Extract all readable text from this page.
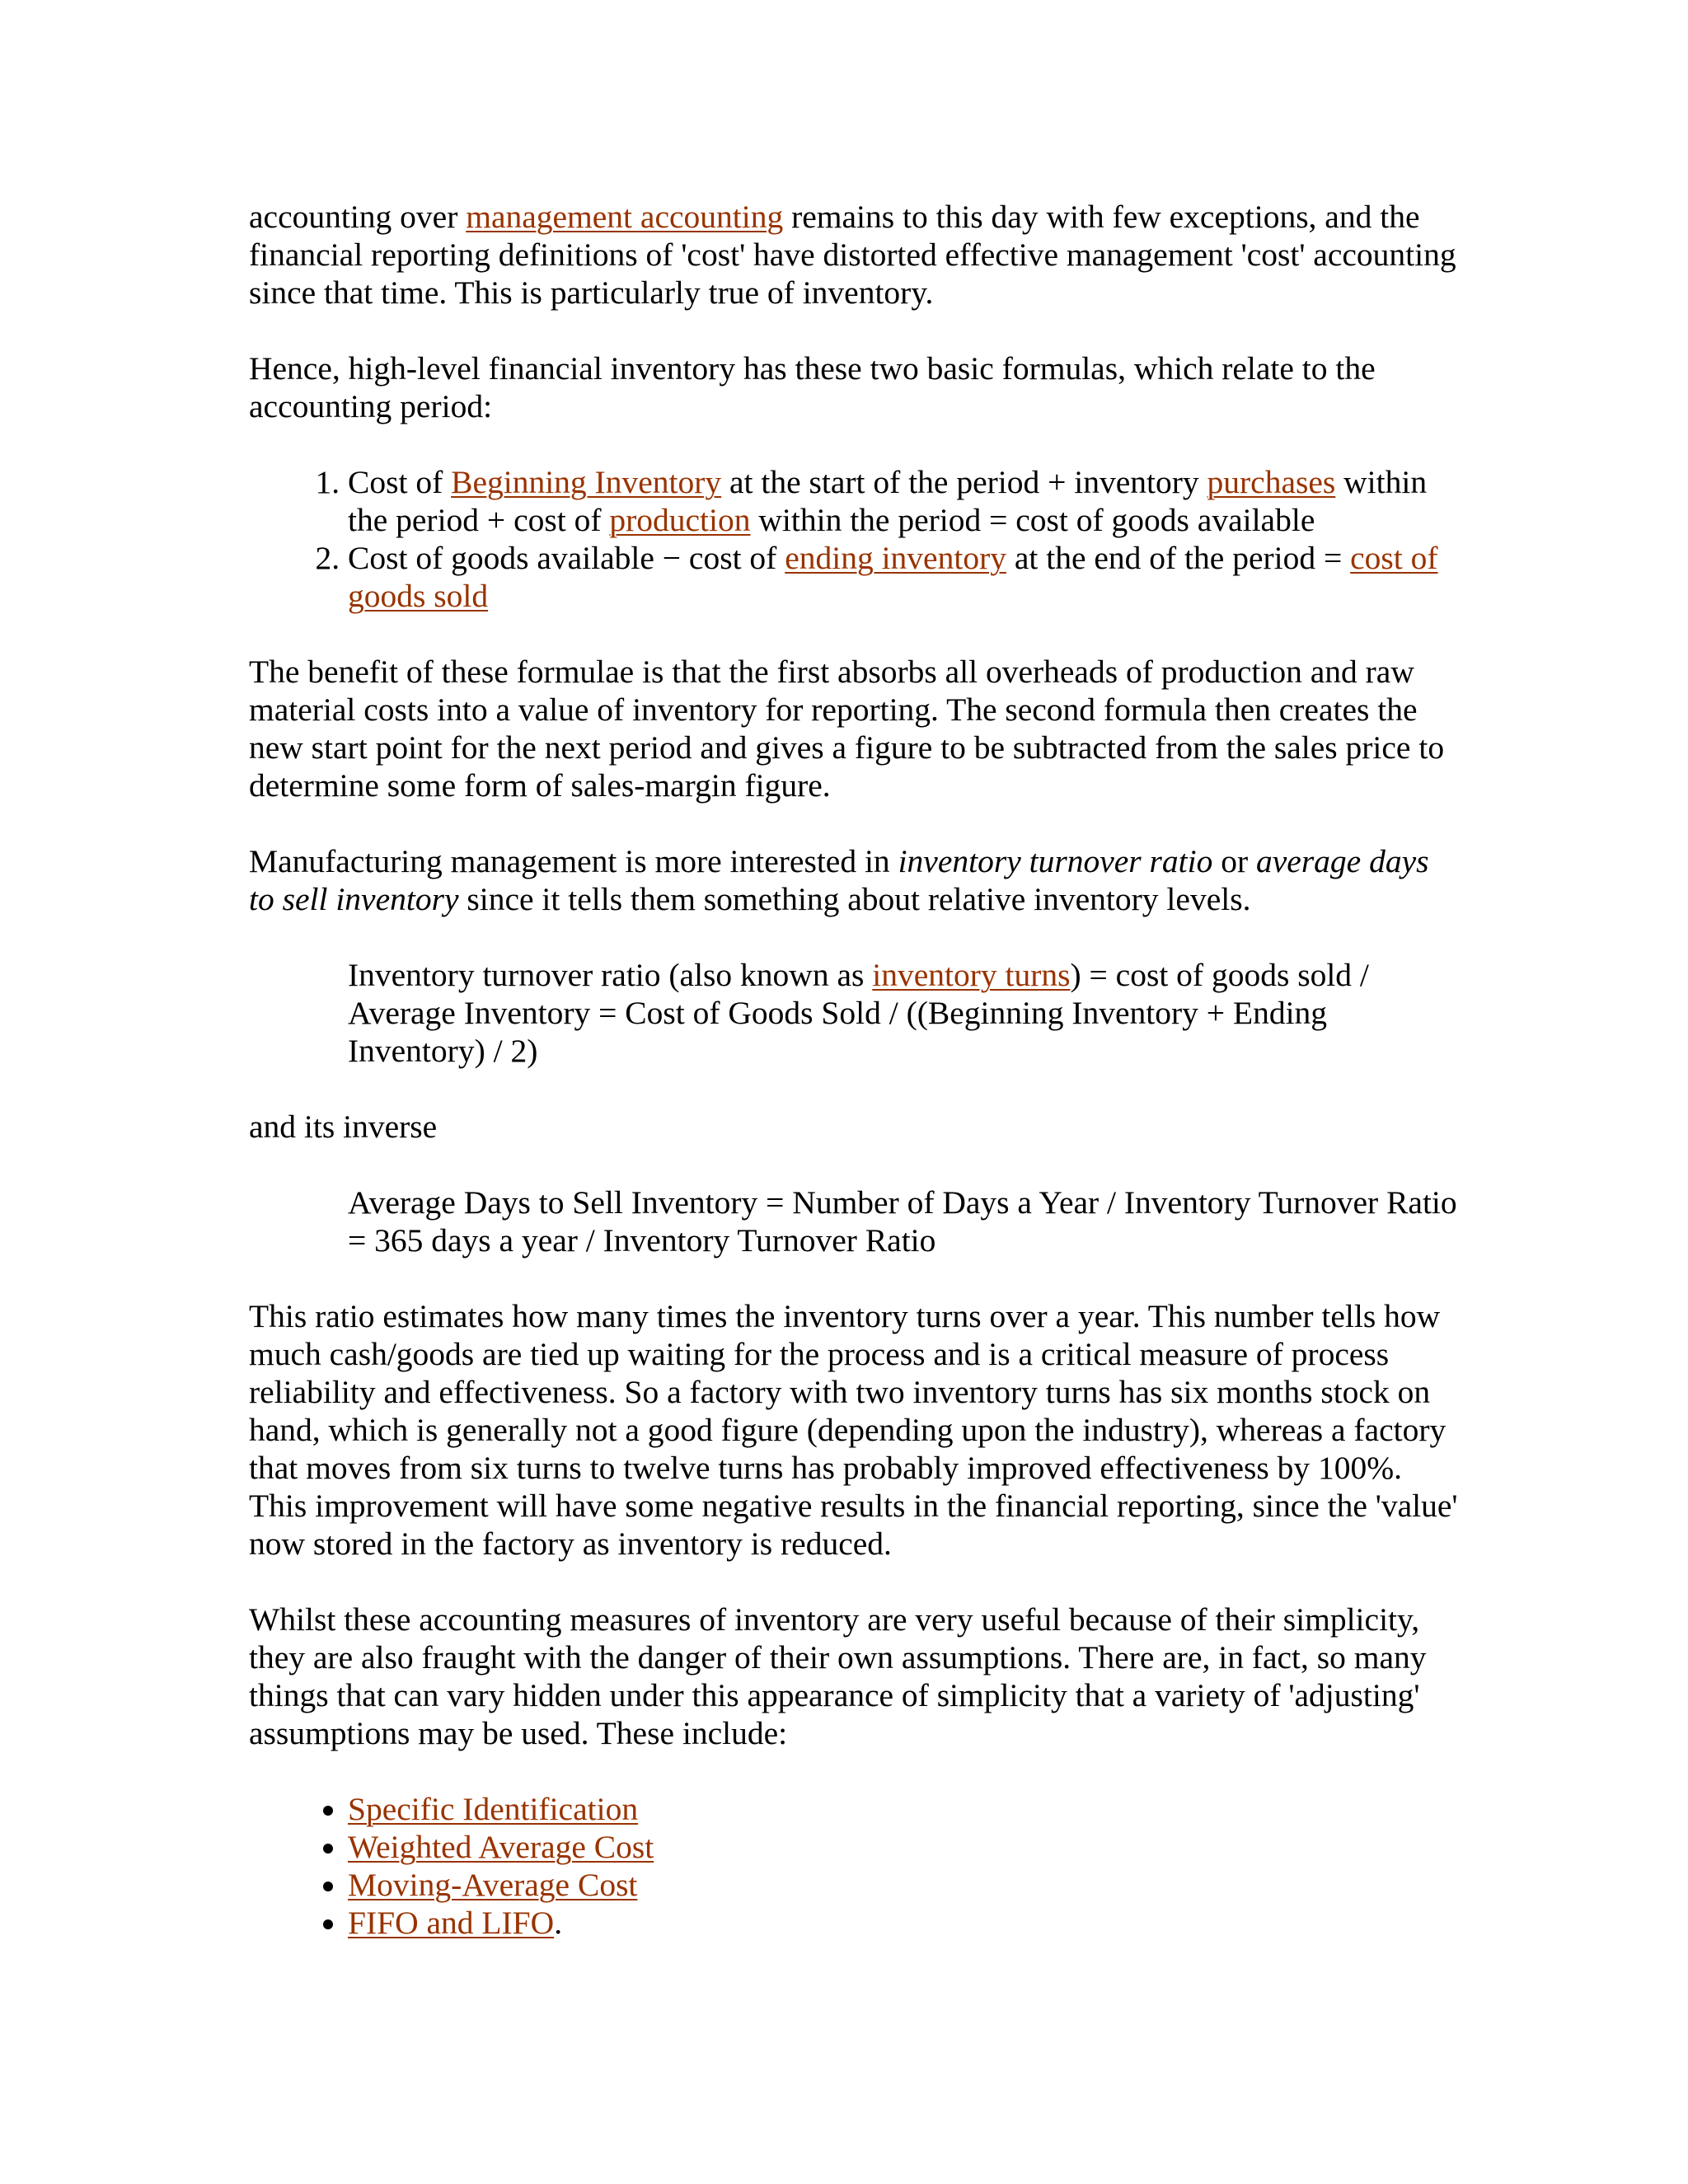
accounting over management accounting remains to this day with few exceptions, and the financial reporting definitions of 'cost' have distorted effective management 'cost' accounting since that time. This is particularly true of inventory.

Hence, high-level financial inventory has these two basic formulas, which relate to the accounting period:

1. Cost of Beginning Inventory at the start of the period + inventory purchases within the period + cost of production within the period = cost of goods available
2. Cost of goods available − cost of ending inventory at the end of the period = cost of goods sold

The benefit of these formulae is that the first absorbs all overheads of production and raw material costs into a value of inventory for reporting. The second formula then creates the new start point for the next period and gives a figure to be subtracted from the sales price to determine some form of sales-margin figure.

Manufacturing management is more interested in inventory turnover ratio or average days to sell inventory since it tells them something about relative inventory levels.

Inventory turnover ratio (also known as inventory turns) = cost of goods sold / Average Inventory = Cost of Goods Sold / ((Beginning Inventory + Ending Inventory) / 2)

and its inverse

Average Days to Sell Inventory = Number of Days a Year / Inventory Turnover Ratio = 365 days a year / Inventory Turnover Ratio

This ratio estimates how many times the inventory turns over a year. This number tells how much cash/goods are tied up waiting for the process and is a critical measure of process reliability and effectiveness. So a factory with two inventory turns has six months stock on hand, which is generally not a good figure (depending upon the industry), whereas a factory that moves from six turns to twelve turns has probably improved effectiveness by 100%. This improvement will have some negative results in the financial reporting, since the 'value' now stored in the factory as inventory is reduced.

Whilst these accounting measures of inventory are very useful because of their simplicity, they are also fraught with the danger of their own assumptions. There are, in fact, so many things that can vary hidden under this appearance of simplicity that a variety of 'adjusting' assumptions may be used. These include:

• Specific Identification
• Weighted Average Cost
• Moving-Average Cost
• FIFO and LIFO.
